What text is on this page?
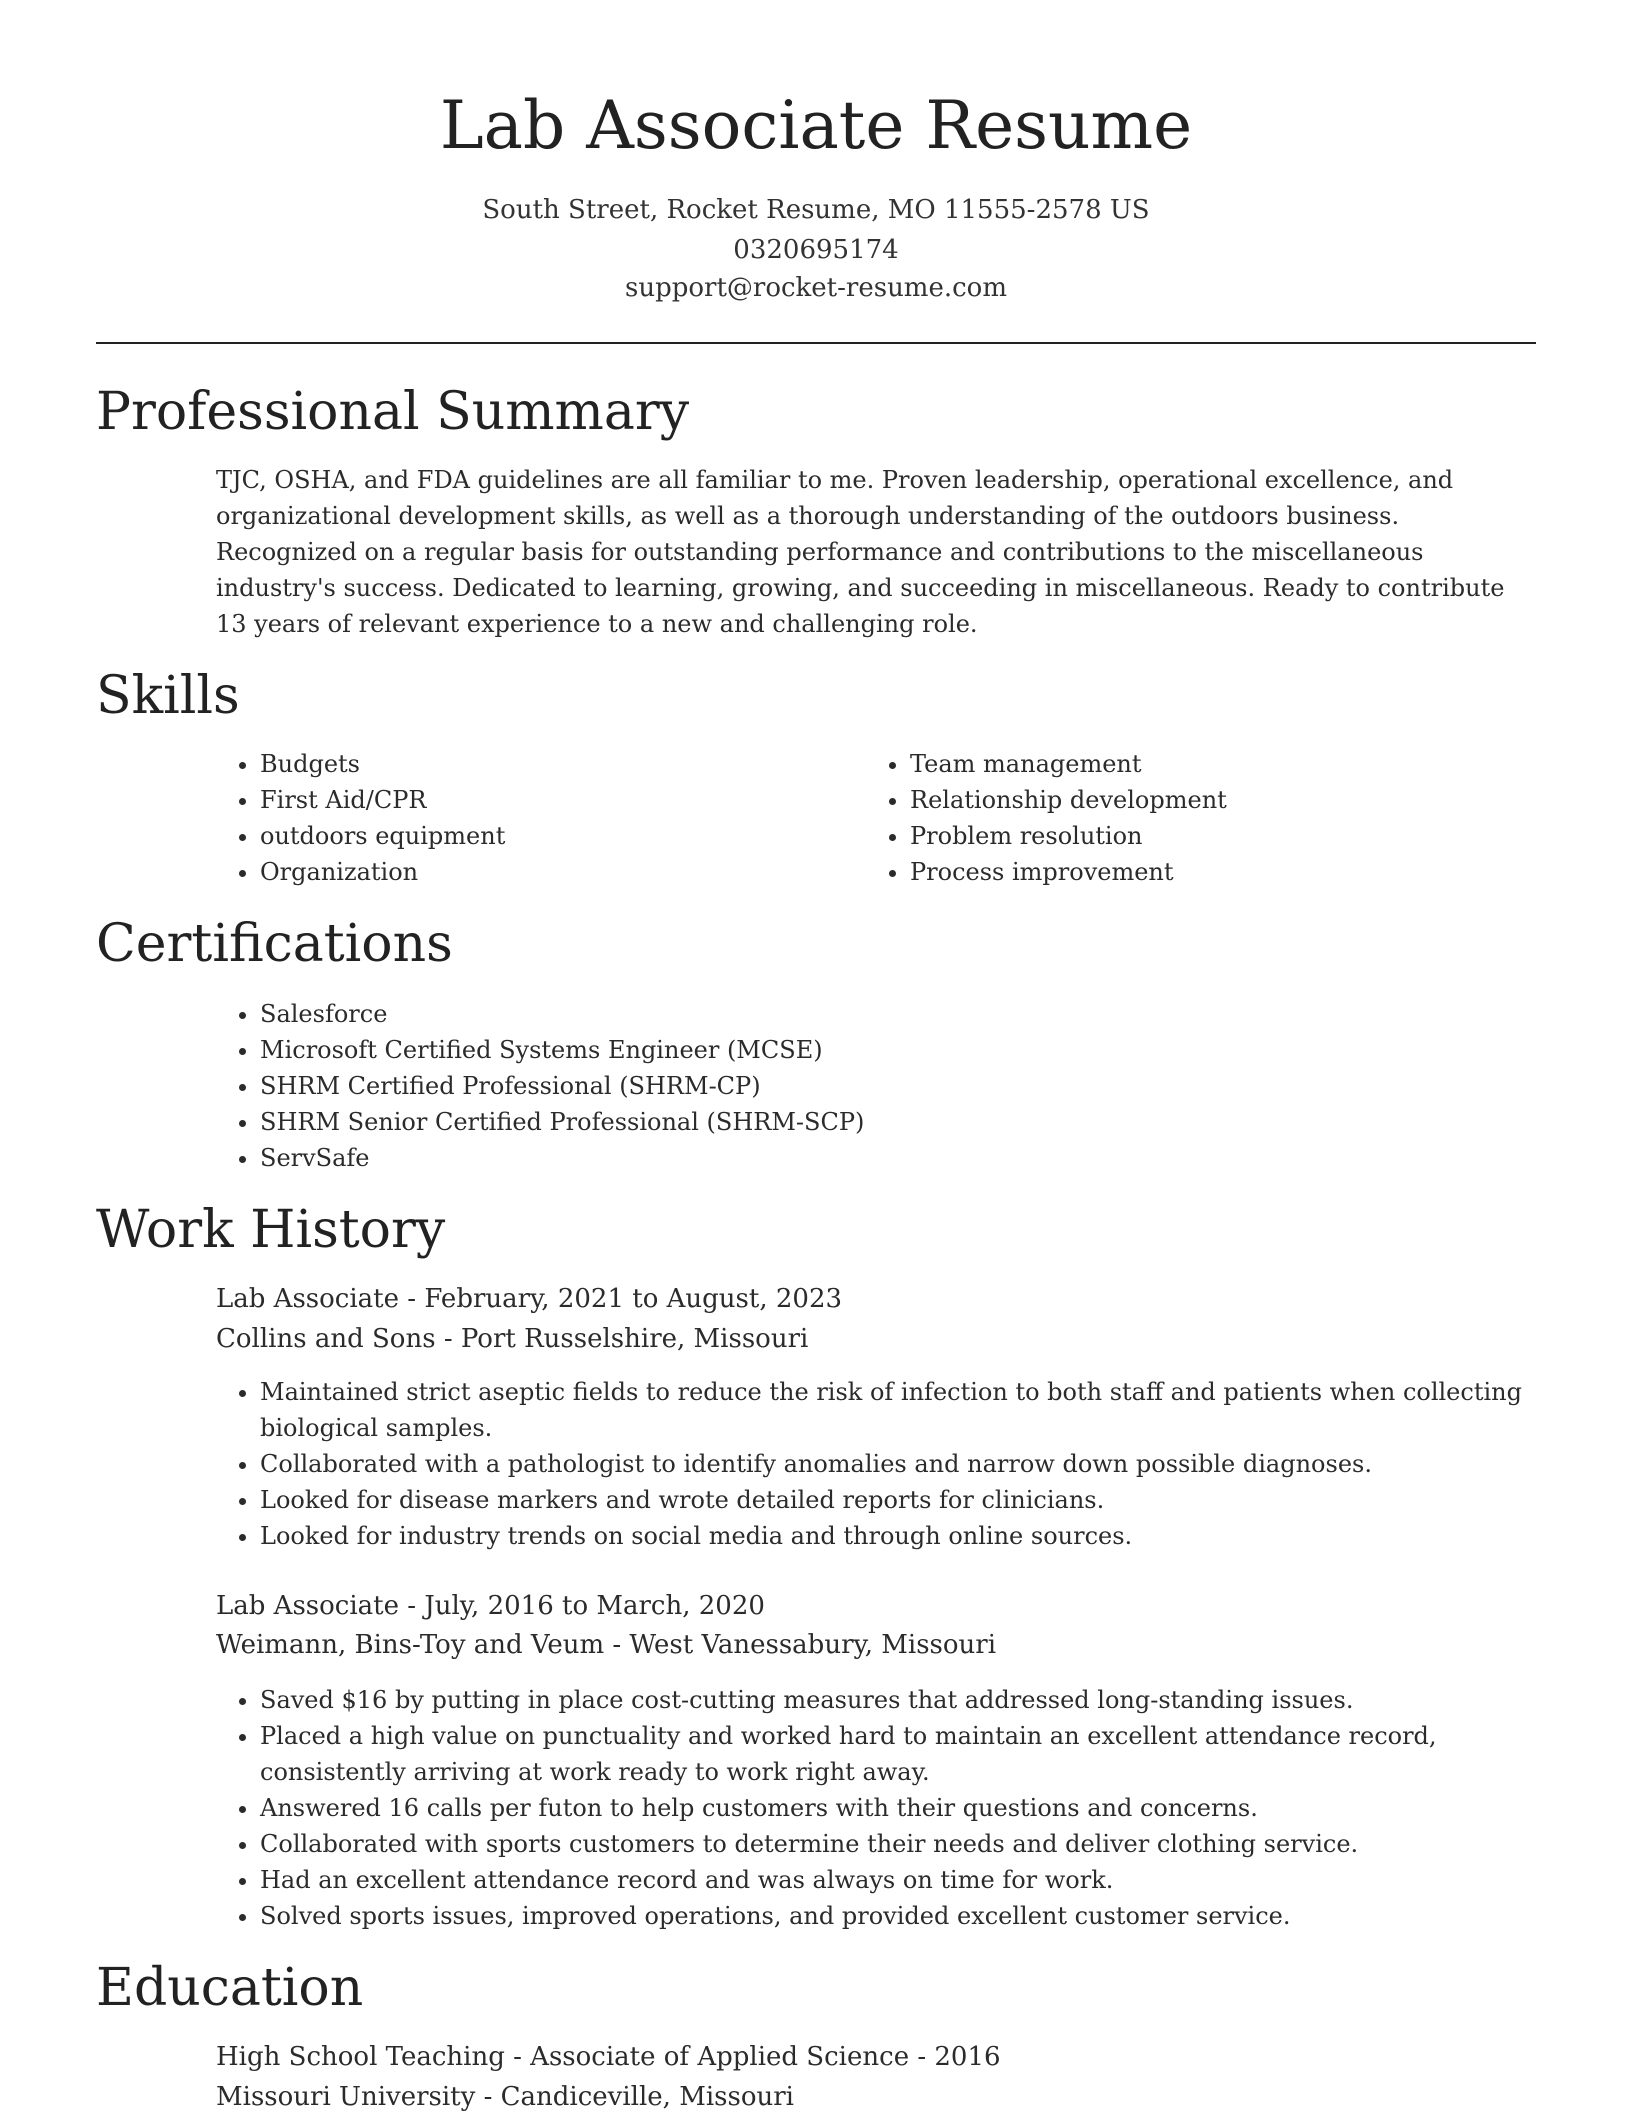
Lab Associate Resume
South Street, Rocket Resume, MO 11555-2578 US
0320695174
support@rocket-resume.com
Professional Summary

TJC, OSHA, and FDA guidelines are all familiar to me. Proven leadership, operational excellence, and organizational development skills, as well as a thorough understanding of the outdoors business. Recognized on a regular basis for outstanding performance and contributions to the miscellaneous industry's success. Dedicated to learning, growing, and succeeding in miscellaneous. Ready to contribute 13 years of relevant experience to a new and challenging role.

Skills
• Budgets
• First Aid/CPR
• outdoors equipment
• Organization
• Team management
• Relationship development
• Problem resolution
• Process improvement
Certifications
• Salesforce
• Microsoft Certified Systems Engineer (MCSE)
• SHRM Certified Professional (SHRM-CP)
• SHRM Senior Certified Professional (SHRM-SCP)
• ServSafe
Work History
Lab Associate - February, 2021 to August, 2023
Collins and Sons - Port Russelshire, Missouri
• Maintained strict aseptic fields to reduce the risk of infection to both staff and patients when collecting biological samples.
• Collaborated with a pathologist to identify anomalies and narrow down possible diagnoses.
• Looked for disease markers and wrote detailed reports for clinicians.
• Looked for industry trends on social media and through online sources.
Lab Associate - July, 2016 to March, 2020
Weimann, Bins-Toy and Veum - West Vanessabury, Missouri
• Saved $16 by putting in place cost-cutting measures that addressed long-standing issues.
• Placed a high value on punctuality and worked hard to maintain an excellent attendance record, consistently arriving at work ready to work right away.
• Answered 16 calls per futon to help customers with their questions and concerns.
• Collaborated with sports customers to determine their needs and deliver clothing service.
• Had an excellent attendance record and was always on time for work.
• Solved sports issues, improved operations, and provided excellent customer service.
Education
High School Teaching - Associate of Applied Science - 2016
Missouri University - Candiceville, Missouri
